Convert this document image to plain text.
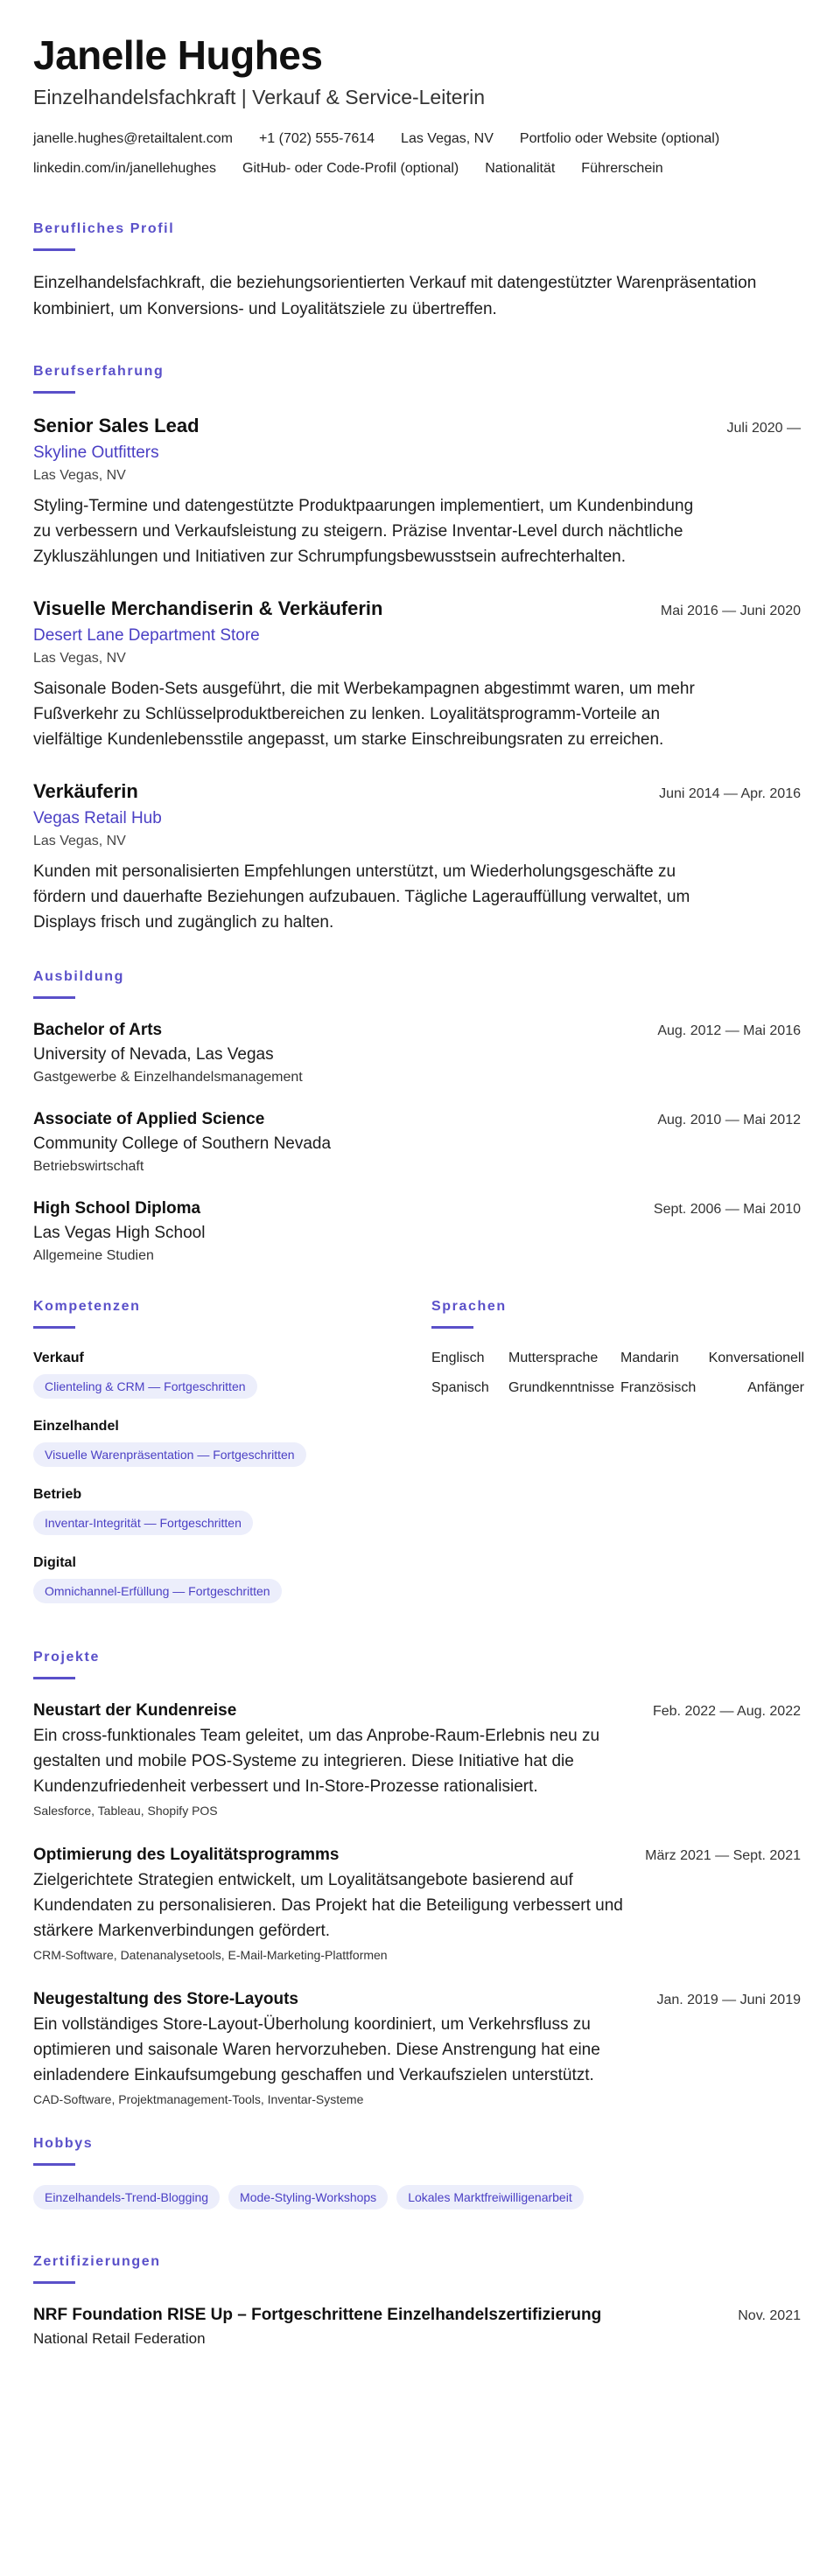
Janelle Hughes
Einzelhandelsfachkraft | Verkauf & Service-Leiterin
janelle.hughes@retailtalent.com +1 (702) 555-7614 Las Vegas, NV Portfolio oder Website (optional)
linkedin.com/in/janellehughes GitHub- oder Code-Profil (optional) Nationalität Führerschein
Berufliches Profil
Einzelhandelsfachkraft, die beziehungsorientierten Verkauf mit datengestützter Warenpräsentation kombiniert, um Konversions- und Loyalitätsziele zu übertreffen.
Berufserfahrung
Senior Sales Lead	Juli 2020 —
Skyline Outfitters
Las Vegas, NV
Styling-Termine und datengestützte Produktpaarungen implementiert, um Kundenbindung zu verbessern und Verkaufsleistung zu steigern. Präzise Inventar-Level durch nächtliche Zykluszählungen und Initiativen zur Schrumpfungsbewusstsein aufrechterhalten.
Visuelle Merchandiserin & Verkäuferin	Mai 2016 — Juni 2020
Desert Lane Department Store
Las Vegas, NV
Saisonale Boden-Sets ausgeführt, die mit Werbekampagnen abgestimmt waren, um mehr Fußverkehr zu Schlüsselproduktbereichen zu lenken. Loyalitätsprogramm-Vorteile an vielfältige Kundenlebensstile angepasst, um starke Einschreibungsraten zu erreichen.
Verkäuferin	Juni 2014 — Apr. 2016
Vegas Retail Hub
Las Vegas, NV
Kunden mit personalisierten Empfehlungen unterstützt, um Wiederholungsgeschäfte zu fördern und dauerhafte Beziehungen aufzubauen. Tägliche Lagerauffüllung verwaltet, um Displays frisch und zugänglich zu halten.
Ausbildung
Bachelor of Arts	Aug. 2012 — Mai 2016
University of Nevada, Las Vegas
Gastgewerbe & Einzelhandelsmanagement
Associate of Applied Science	Aug. 2010 — Mai 2012
Community College of Southern Nevada
Betriebswirtschaft
High School Diploma	Sept. 2006 — Mai 2010
Las Vegas High School
Allgemeine Studien
Kompetenzen
Verkauf
Clienteling & CRM — Fortgeschritten
Einzelhandel
Visuelle Warenpräsentation — Fortgeschritten
Betrieb
Inventar-Integrität — Fortgeschritten
Digital
Omnichannel-Erfüllung — Fortgeschritten
Sprachen
Englisch	Muttersprache	Mandarin Konversationell
Spanisch	Grundkenntnisse Französisch	Anfänger
Projekte
Neustart der Kundenreise	Feb. 2022 — Aug. 2022
Ein cross-funktionales Team geleitet, um das Anprobe-Raum-Erlebnis neu zu gestalten und mobile POS-Systeme zu integrieren. Diese Initiative hat die Kundenzufriedenheit verbessert und In-Store-Prozesse rationalisiert.
Salesforce, Tableau, Shopify POS
Optimierung des Loyalitätsprogramms	März 2021 — Sept. 2021
Zielgerichtete Strategien entwickelt, um Loyalitätsangebote basierend auf Kundendaten zu personalisieren. Das Projekt hat die Beteiligung verbessert und stärkere Markenverbindungen gefördert.
CRM-Software, Datenanalysetools, E-Mail-Marketing-Plattformen
Neugestaltung des Store-Layouts	Jan. 2019 — Juni 2019
Ein vollständiges Store-Layout-Überholung koordiniert, um Verkehrsfluss zu optimieren und saisonale Waren hervorzuheben. Diese Anstrengung hat eine einladendere Einkaufsumgebung geschaffen und Verkaufszielen unterstützt.
CAD-Software, Projektmanagement-Tools, Inventar-Systeme
Hobbys
Einzelhandels-Trend-Blogging	Mode-Styling-Workshops	Lokales Marktfreiwilligenarbeit
Zertifizierungen
NRF Foundation RISE Up – Fortgeschrittene Einzelhandelszertifizierung	Nov. 2021
National Retail Federation
